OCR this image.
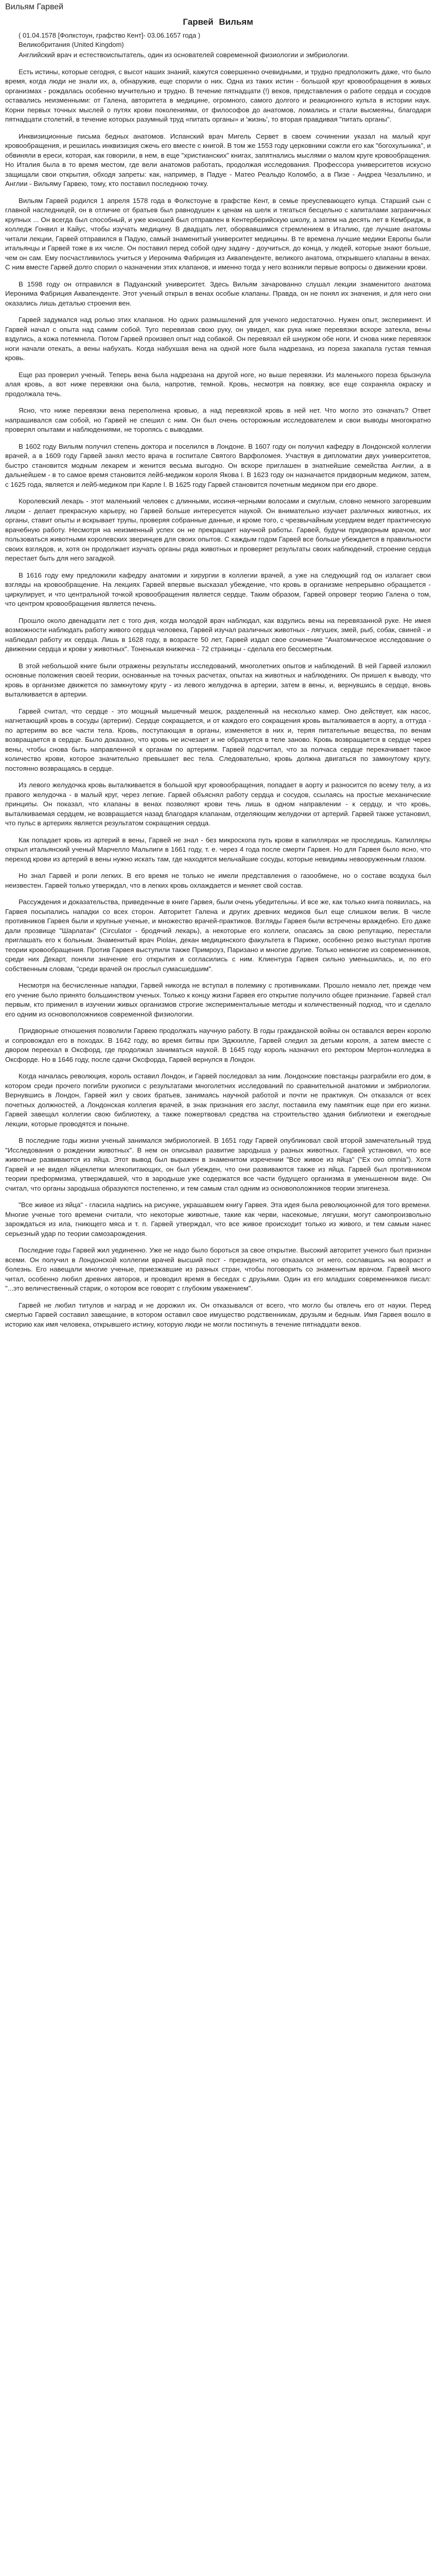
Вильям Гарвей
Гарвей Вильям

( 01.04.1578 [Фолкстоун, графство Кент]- 03.06.1657 года )

Великобритания (United Kingdom)

Английский врач и естествоиспытатель, один из основателей современной физиологии и эмбриологии.

Есть истины, которые сегодня, с высот наших знаний, кажутся совершенно очевидными, и трудно предположить даже, что было время, когда люди не знали их, а, обнаружив, еще спорили о них. Одна из таких истин - большой круг кровообращения в живых организмах - рождалась особенно мучительно и трудно. В течение пятнадцати (!) веков, представления о работе сердца и сосудов оставались неизменными: от Галена, авторитета в медицине, огромного, самого долгого и реакционного культа в истории наук. Корни первых точных мыслей о путях крови поколениями, от философов до анатомов, ломались и стали высмеяны, благодаря пятнадцати столетий, в течение которых разумный труд «питать органы» и 'жизнь', то вторая правдивая "питать органы".

Инквизиционные письма бедных анатомов. Испанский врач Мигель Сервет в своем сочинении указал на малый круг кровообращения, и решилась инквизиция сжечь его вместе с книгой. В том же 1553 году церковники сожгли его как "богохульника", и обвиняли в ереси, которая, как говорили, в нем, в еще "христианских" книгах, запятнались мыслями о малом круге кровообращения. Но Италия была в то время местом, где вели анатомов работать, продолжая исследования. Профессора университетов искусно защищали свои открытия, обходя запреты: как, например, в Падуе - Матео Реальдо Коломбо, а в Пизе - Андреа Чезальпино, и Англии - Вильяму Гарвею, тому, кто поставил последнюю точку.

Вильям Гарвей родился 1 апреля 1578 года в Фолкстоуне в графстве Кент, в семье преуспевающего купца. Старший сын с главной наследницей, он в отличие от братьев был равнодушен к ценам на шелк и тягаться бесцельно с капиталами заграничных крупных ... Он всегда был способный, и уже юношей был отправлен в Кентерберийскую школу, а затем на десять лет в Кембридж, в колледж Гонвил и Кайус, чтобы изучать медицину. В двадцать лет, оборвавшимся стремлением в Италию, где лучшие анатомы читали лекции, Гарвей отправился в Падую, самый знаменитый университет медицины. В те времена лучшие медики Европы были итальянцы и Гарвей тоже в их числе. Он поставил перед собой одну задачу - доучиться, до конца, у людей, которые знают больше, чем он сам. Ему посчастливилось учиться у Иеронима Фабриция из Аквапенденте, великого анатома, открывшего клапаны в венах. С ним вместе Гарвей долго спорил о назначении этих клапанов, и именно тогда у него возникли первые вопросы о движении крови.

В 1598 году он отправился в Падуанский университет. Здесь Вильям зачарованно слушал лекции знаменитого анатома Иеронима Фабриция Аквапенденте. Этот ученый открыл в венах особые клапаны. Правда, он не понял их значения, и для него они оказались лишь деталью строения вен.

Гарвей задумался над ролью этих клапанов. Но одних размышлений для ученого недостаточно. Нужен опыт, эксперимент. И Гарвей начал с опыта над самим собой. Туго перевязав свою руку, он увидел, как рука ниже перевязки вскоре затекла, вены вздулись, а кожа потемнела. Потом Гарвей произвел опыт над собакой. Он перевязал ей шнурком обе ноги. И снова ниже перевязок ноги начали отекать, а вены набухать. Когда набухшая вена на одной ноге была надрезана, из пореза закапала густая темная кровь.

Еще раз проверил ученый. Теперь вена была надрезана на другой ноге, но выше перевязки. Из маленького пореза брызнула алая кровь, а вот ниже перевязки она была, напротив, темной. Кровь, несмотря на повязку, все еще сохраняла окраску и продолжала течь.

Ясно, что ниже перевязки вена переполнена кровью, а над перевязкой кровь в ней нет. Что могло это означать? Ответ напрашивался сам собой, но Гарвей не спешил с ним. Он был очень осторожным исследователем и свои выводы многократно проверял опытами и наблюдениями, не торопясь с выводами.

В 1602 году Вильям получил степень доктора и поселился в Лондоне. В 1607 году он получил кафедру в Лондонской коллегии врачей, а в 1609 году Гарвей занял место врача в госпитале Святого Варфоломея. Участвуя в дипломатии двух университетов, быстро становится модным лекарем и женится весьма выгодно. Он вскоре приглашен в знатнейшие семейства Англии, а в дальнейшем - в то самое время становится лейб-медиком короля Якова I. В 1623 году он назначается придворным медиком, затем, с 1625 года, является и лейб-медиком при Карле I. В 1625 году Гарвей становится почетным медиком при его дворе.

Королевский лекарь - этот маленький человек с длинными, иссиня-черными волосами и смуглым, словно немного загоревшим лицом - делает прекрасную карьеру, но Гарвей больше интересуется наукой. Он внимательно изучает различных животных, их органы, ставит опыты и вскрывает трупы, проверяя собранные данные, и кроме того, с чрезвычайным усердием ведет практическую врачебную работу. Несмотря на неизменный успех он не прекращает научной работы. Гарвей, будучи придворным врачом, мог пользоваться животными королевских зверинцев для своих опытов. С каждым годом Гарвей все больше убеждается в правильности своих взглядов, и, хотя он продолжает изучать органы ряда животных и проверяет результаты своих наблюдений, строение сердца перестает быть для него загадкой.

В 1616 году ему предложили кафедру анатомии и хирургии в коллегии врачей, а уже на следующий год он излагает свои взгляды на кровообращение. На лекциях Гарвей впервые высказал убеждение, что кровь в организме непрерывно обращается - циркулирует, и что центральной точкой кровообращения является сердце. Таким образом, Гарвей опроверг теорию Галена о том, что центром кровообращения является печень.

Прошло около двенадцати лет с того дня, когда молодой врач наблюдал, как вздулись вены на перевязанной руке. Не имея возможности наблюдать работу живого сердца человека, Гарвей изучал различных животных - лягушек, змей, рыб, собак, свиней - и наблюдал работу их сердца. Лишь в 1628 году, в возрасте 50 лет, Гарвей издал свое сочинение "Анатомическое исследование о движении сердца и крови у животных". Тоненькая книжечка - 72 страницы - сделала его бессмертным.

В этой небольшой книге были отражены результаты исследований, многолетних опытов и наблюдений. В ней Гарвей изложил основные положения своей теории, основанные на точных расчетах, опытах на животных и наблюдениях. Он пришел к выводу, что кровь в организме движется по замкнутому кругу - из левого желудочка в артерии, затем в вены, и, вернувшись в сердце, вновь выталкивается в артерии.

Гарвей считал, что сердце - это мощный мышечный мешок, разделенный на несколько камер. Оно действует, как насос, нагнетающий кровь в сосуды (артерии). Сердце сокращается, и от каждого его сокращения кровь выталкивается в аорту, а оттуда - по артериям во все части тела. Кровь, поступающая в органы, изменяется в них и, теряя питательные вещества, по венам возвращается в сердце. Было доказано, что кровь не исчезает и не образуется в теле заново. Кровь возвращается в сердце через вены, чтобы снова быть направленной к органам по артериям. Гарвей подсчитал, что за полчаса сердце перекачивает такое количество крови, которое значительно превышает вес тела. Следовательно, кровь должна двигаться по замкнутому кругу, постоянно возвращаясь в сердце.

Из левого желудочка кровь выталкивается в большой круг кровообращения, попадает в аорту и разносится по всему телу, а из правого желудочка - в малый круг, через легкие. Гарвей объяснял работу сердца и сосудов, ссылаясь на простые механические принципы. Он показал, что клапаны в венах позволяют крови течь лишь в одном направлении - к сердцу, и что кровь, выталкиваемая сердцем, не возвращается назад благодаря клапанам, отделяющим желудочки от артерий. Гарвей также установил, что пульс в артериях является результатом сокращения сердца.

Как попадает кровь из артерий в вены, Гарвей не знал - без микроскопа путь крови в капиллярах не проследишь. Капилляры открыл итальянский ученый Марчелло Мальпиги в 1661 году, т. е. через 4 года после смерти Гарвея. Но для Гарвея было ясно, что переход крови из артерий в вены нужно искать там, где находятся мельчайшие сосуды, которые невидимы невооруженным глазом.

Но знал Гарвей и роли легких. В его время не только не имели представления о газообмене, но о составе воздуха был неизвестен. Гарвей только утверждал, что в легких кровь охлаждается и меняет свой состав.

Рассуждения и доказательства, приведенные в книге Гарвея, были очень убедительны. И все же, как только книга появилась, на Гарвея посыпались нападки со всех сторон. Авторитет Галена и других древних медиков был еще слишком велик. В числе противников Гарвея были и крупные ученые, и множество врачей-практиков. Взгляды Гарвея были встречены враждебно. Его даже дали прозвище "Шарлатан" (Circulator - бродячий лекарь), а некоторые его коллеги, опасаясь за свою репутацию, перестали приглашать его к больным. Знаменитый врач Рiolан, декан медицинского факультета в Париже, особенно резко выступал против теории кровообращения. Против Гарвея выступили также Примроуз, Паризано и многие другие. Только немногие из современников, среди них Декарт, поняли значение его открытия и согласились с ним. Клиентура Гарвея сильно уменьшилась, и, по его собственным словам, "среди врачей он прослыл сумасшедшим".

Несмотря на бесчисленные нападки, Гарвей никогда не вступал в полемику с противниками. Прошло немало лет, прежде чем его учение было принято большинством ученых. Только к концу жизни Гарвея его открытие получило общее признание. Гарвей стал первым, кто применил в изучении живых организмов строгие экспериментальные методы и количественный подход, что и сделало его одним из основоположников современной физиологии.

Придворные отношения позволили Гарвею продолжать научную работу. В годы гражданской войны он оставался верен королю и сопровождал его в походах. В 1642 году, во время битвы при Эджхилле, Гарвей следил за детьми короля, а затем вместе с двором переехал в Оксфорд, где продолжал заниматься наукой. В 1645 году король назначил его ректором Мертон-колледжа в Оксфорде. Но в 1646 году, после сдачи Оксфорда, Гарвей вернулся в Лондон.

Когда началась революция, король оставил Лондон, и Гарвей последовал за ним. Лондонские повстанцы разграбили его дом, в котором среди прочего погибли рукописи с результатами многолетних исследований по сравнительной анатомии и эмбриологии. Вернувшись в Лондон, Гарвей жил у своих братьев, занимаясь научной работой и почти не практикуя. Он отказался от всех почетных должностей, а Лондонская коллегия врачей, в знак признания его заслуг, поставила ему памятник еще при его жизни. Гарвей завещал коллегии свою библиотеку, а также пожертвовал средства на строительство здания библиотеки и ежегодные лекции, которые проводятся и поныне.

В последние годы жизни ученый занимался эмбриологией. В 1651 году Гарвей опубликовал свой второй замечательный труд "Исследования о рождении животных". В нем он описывал развитие зародыша у разных животных. Гарвей установил, что все животные развиваются из яйца. Этот вывод был выражен в знаменитом изречении "Все живое из яйца" ("Ex ovo omnia"). Хотя Гарвей и не видел яйцеклетки млекопитающих, он был убежден, что они развиваются также из яйца. Гарвей был противником теории преформизма, утверждавшей, что в зародыше уже содержатся все части будущего организма в уменьшенном виде. Он считал, что органы зародыша образуются постепенно, и тем самым стал одним из основоположников теории эпигенеза.

"Все живое из яйца" - гласила надпись на рисунке, украшавшем книгу Гарвея. Эта идея была революционной для того времени. Многие ученые того времени считали, что некоторые животные, такие как черви, насекомые, лягушки, могут самопроизвольно зарождаться из ила, гниющего мяса и т. п. Гарвей утверждал, что все живое происходит только из живого, и тем самым нанес серьезный удар по теории самозарождения.

Последние годы Гарвей жил уединенно. Уже не надо было бороться за свое открытие. Высокий авторитет ученого был признан всеми. Он получил в Лондонской коллегии врачей высший пост - президента, но отказался от него, сославшись на возраст и болезнь. Его навещали многие ученые, приезжавшие из разных стран, чтобы поговорить со знаменитым врачом. Гарвей много читал, особенно любил древних авторов, и проводил время в беседах с друзьями. Один из его младших современников писал: "...это величественный старик, о котором все говорят с глубоким уважением".

Гарвей не любил титулов и наград и не дорожил их. Он отказывался от всего, что могло бы отвлечь его от науки. Перед смертью Гарвей составил завещание, в котором оставил свое имущество родственникам, друзьям и бедным. Имя Гарвея вошло в историю как имя человека, открывшего истину, которую люди не могли постигнуть в течение пятнадцати веков.
